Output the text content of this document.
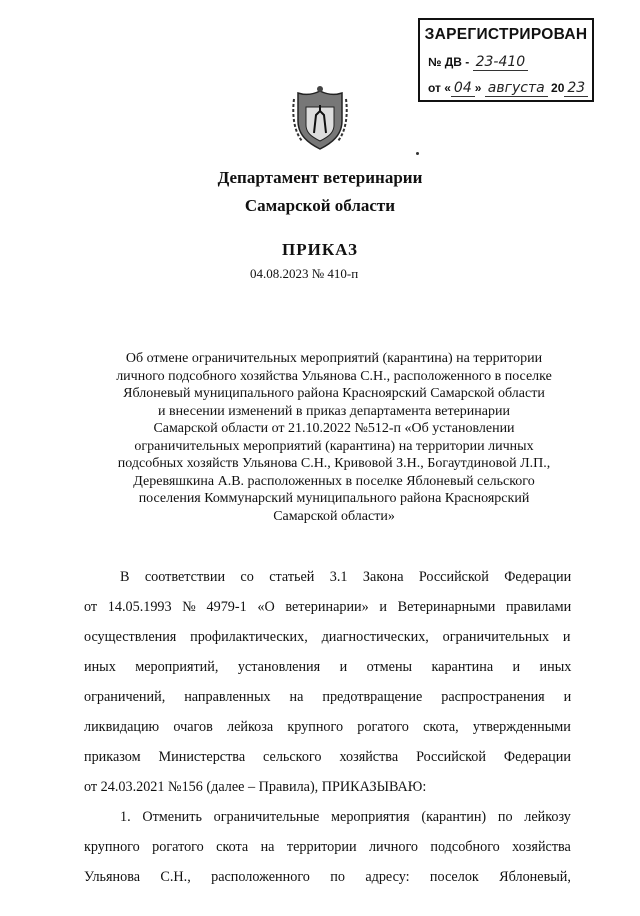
ЗАРЕГИСТРИРОВАН
№ ДВ - 23-410
от « 04 » августа 20 23
Департамент ветеринарии
Самарской области
ПРИКАЗ
04.08.2023 № 410-п
Об отмене ограничительных мероприятий (карантина) на территории
личного подсобного хозяйства Ульянова С.Н., расположенного в поселке
Яблоневый муниципального района Красноярский Самарской области
и внесении изменений в приказ департамента ветеринарии
Самарской области от 21.10.2022 №512-п «Об установлении
ограничительных мероприятий (карантина) на территории личных
подсобных хозяйств Ульянова С.Н., Кривовой З.Н., Богаутдиновой Л.П.,
Деревяшкина А.В. расположенных в поселке Яблоневый сельского
поселения Коммунарский муниципального района Красноярский
Самарской области»
В соответствии со статьей 3.1 Закона Российской Федерации
от 14.05.1993 № 4979-1 «О ветеринарии» и Ветеринарными правилами
осуществления профилактических, диагностических, ограничительных и
иных мероприятий, установления и отмены карантина и иных
ограничений, направленных на предотвращение распространения и
ликвидацию очагов лейкоза крупного рогатого скота, утвержденными
приказом Министерства сельского хозяйства Российской Федерации
от 24.03.2021 №156 (далее – Правила), ПРИКАЗЫВАЮ:
1. Отменить ограничительные мероприятия (карантин) по лейкозу
крупного рогатого скота на территории личного подсобного хозяйства
Ульянова С.Н., расположенного по адресу: поселок Яблоневый,
